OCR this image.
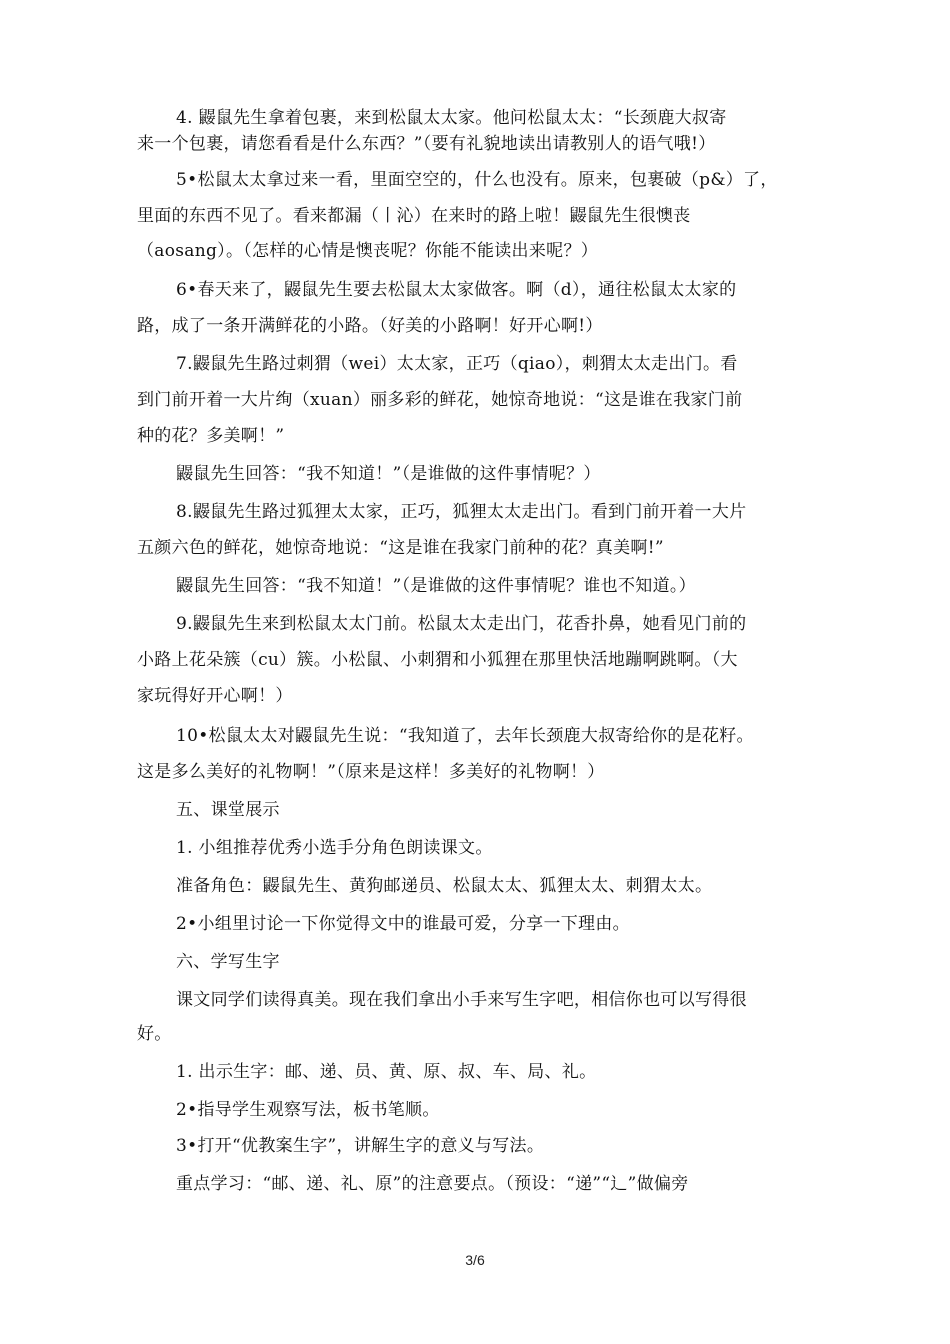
4. 鼹鼠先生拿着包裹，来到松鼠太太家。他问松鼠太太：“长颈鹿大叔寄
来一个包裹，请您看看是什么东西？”（要有礼貌地读出请教别人的语气哦!）
5•松鼠太太拿过来一看，里面空空的，什么也没有。原来，包裹破（p&）了，
里面的东西不见了。看来都漏（丨沁）在来时的路上啦！鼹鼠先生很懊丧
（aosang）。（怎样的心情是懊丧呢？你能不能读出来呢？）
6•春天来了，鼹鼠先生要去松鼠太太家做客。啊（d），通往松鼠太太家的
路，成了一条开满鲜花的小路。（好美的小路啊！好开心啊!）
7.鼹鼠先生路过刺猬（wei）太太家，正巧（qiao），刺猬太太走出门。看
到门前开着一大片绚（xuan）丽多彩的鲜花，她惊奇地说：“这是谁在我家门前
种的花？多美啊！”
鼹鼠先生回答：“我不知道！”（是谁做的这件事情呢？）
8.鼹鼠先生路过狐狸太太家，正巧，狐狸太太走出门。看到门前开着一大片
五颜六色的鲜花，她惊奇地说：“这是谁在我家门前种的花？真美啊!”
鼹鼠先生回答：“我不知道！”（是谁做的这件事情呢？谁也不知道。）
9.鼹鼠先生来到松鼠太太门前。松鼠太太走出门，花香扑鼻，她看见门前的
小路上花朵簇（cu）簇。小松鼠、小刺猬和小狐狸在那里快活地蹦啊跳啊。（大
家玩得好开心啊！）
10•松鼠太太对鼹鼠先生说：“我知道了，去年长颈鹿大叔寄给你的是花籽。
这是多么美好的礼物啊！”（原来是这样！多美好的礼物啊！）
五、课堂展示
1. 小组推荐优秀小选手分角色朗读课文。
准备角色：鼹鼠先生、黄狗邮递员、松鼠太太、狐狸太太、刺猬太太。
2•小组里讨论一下你觉得文中的谁最可爱，分享一下理由。
六、学写生字
课文同学们读得真美。现在我们拿出小手来写生字吧，相信你也可以写得很
好。
1. 出示生字：邮、递、员、黄、原、叔、车、局、礼。
2•指导学生观察写法，板书笔顺。
3•打开“优教案生字”，讲解生字的意义与写法。
重点学习：“邮、递、礼、原”的注意要点。（预设：“递”“辶”做偏旁
3/6
